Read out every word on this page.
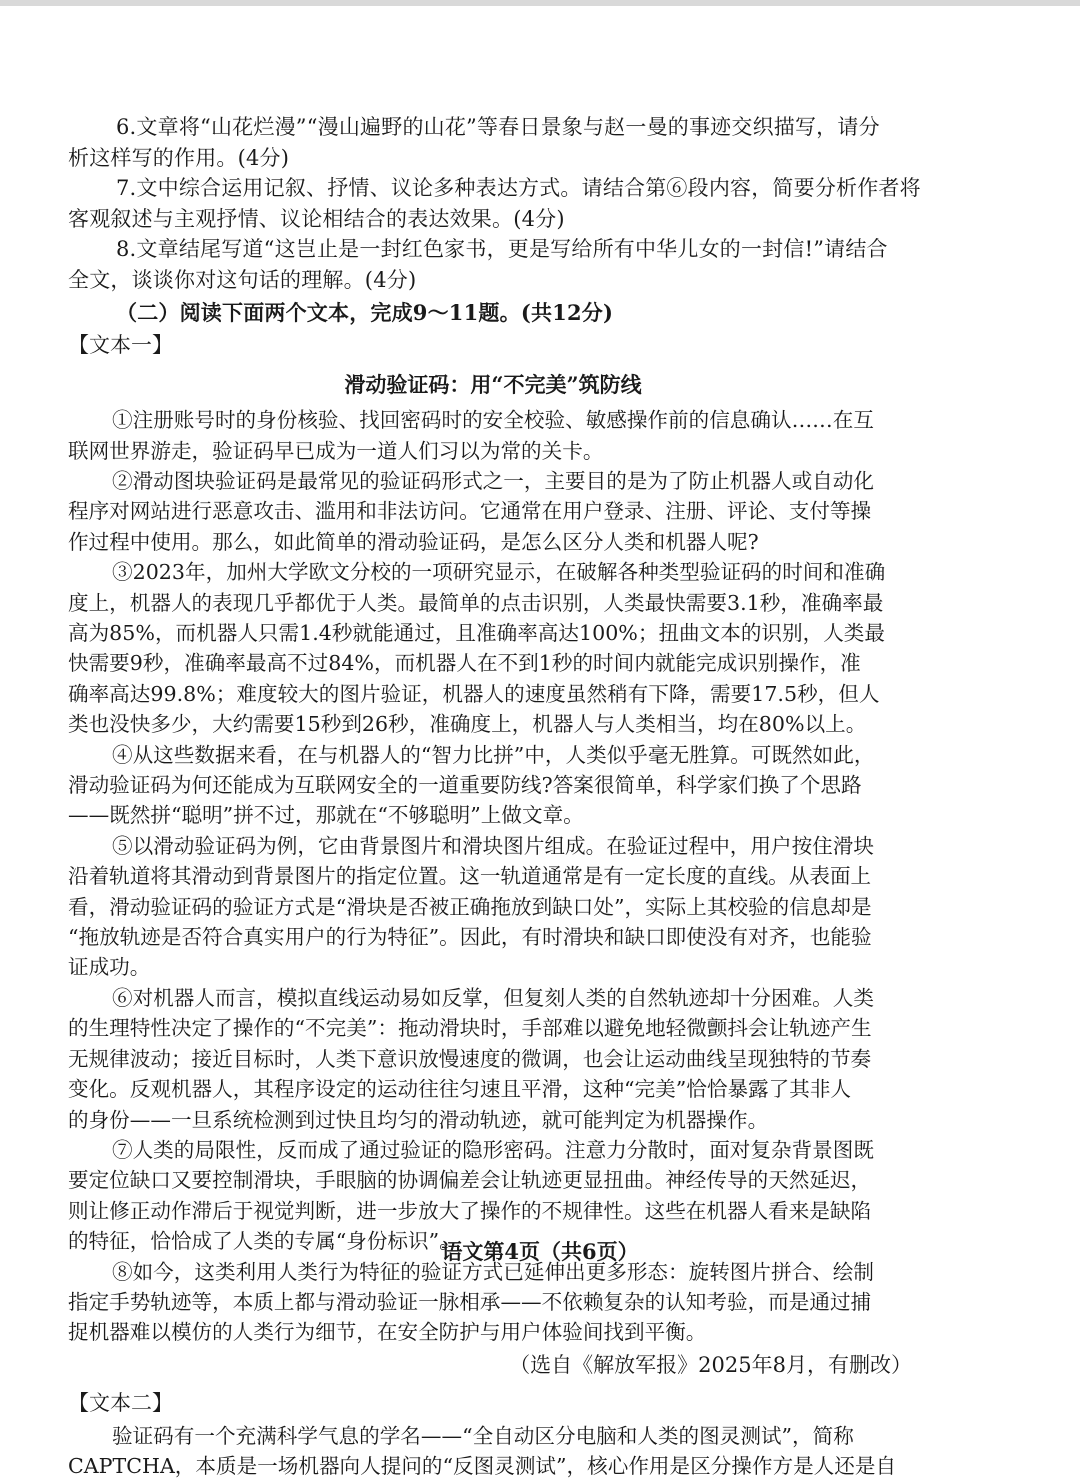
6.文章将“山花烂漫”“漫山遍野的山花”等春日景象与赵一曼的事迹交织描写，请分
析这样写的作用。(4分)
7.文中综合运用记叙、抒情、议论多种表达方式。请结合第⑥段内容，简要分析作者将
客观叙述与主观抒情、议论相结合的表达效果。(4分)
8.文章结尾写道“这岂止是一封红色家书，更是写给所有中华儿女的一封信!”请结合
全文，谈谈你对这句话的理解。(4分)
（二）阅读下面两个文本，完成9～11题。(共12分)
【文本一】
滑动验证码：用“不完美”筑防线

①注册账号时的身份核验、找回密码时的安全校验、敏感操作前的信息确认……在互

联网世界游走，验证码早已成为一道人们习以为常的关卡。

②滑动图块验证码是最常见的验证码形式之一，主要目的是为了防止机器人或自动化

程序对网站进行恶意攻击、滥用和非法访问。它通常在用户登录、注册、评论、支付等操

作过程中使用。那么，如此简单的滑动验证码，是怎么区分人类和机器人呢?

③2023年，加州大学欧文分校的一项研究显示，在破解各种类型验证码的时间和准确

度上，机器人的表现几乎都优于人类。最简单的点击识别，人类最快需要3.1秒，准确率最

高为85%，而机器人只需1.4秒就能通过，且准确率高达100%；扭曲文本的识别，人类最

快需要9秒，准确率最高不过84%，而机器人在不到1秒的时间内就能完成识别操作，准

确率高达99.8%；难度较大的图片验证，机器人的速度虽然稍有下降，需要17.5秒，但人

类也没快多少，大约需要15秒到26秒，准确度上，机器人与人类相当，均在80%以上。

④从这些数据来看，在与机器人的“智力比拼”中，人类似乎毫无胜算。可既然如此，

滑动验证码为何还能成为互联网安全的一道重要防线?答案很简单，科学家们换了个思路

——既然拼“聪明”拼不过，那就在“不够聪明”上做文章。

⑤以滑动验证码为例，它由背景图片和滑块图片组成。在验证过程中，用户按住滑块

沿着轨道将其滑动到背景图片的指定位置。这一轨道通常是有一定长度的直线。从表面上

看，滑动验证码的验证方式是“滑块是否被正确拖放到缺口处”，实际上其校验的信息却是

“拖放轨迹是否符合真实用户的行为特征”。因此，有时滑块和缺口即使没有对齐，也能验

证成功。

⑥对机器人而言，模拟直线运动易如反掌，但复刻人类的自然轨迹却十分困难。人类

的生理特性决定了操作的“不完美”：拖动滑块时，手部难以避免地轻微颤抖会让轨迹产生

无规律波动；接近目标时，人类下意识放慢速度的微调，也会让运动曲线呈现独特的节奏

变化。反观机器人，其程序设定的运动往往匀速且平滑，这种“完美”恰恰暴露了其非人

的身份——一旦系统检测到过快且均匀的滑动轨迹，就可能判定为机器操作。

⑦人类的局限性，反而成了通过验证的隐形密码。注意力分散时，面对复杂背景图既

要定位缺口又要控制滑块，手眼脑的协调偏差会让轨迹更显扭曲。神经传导的天然延迟，

则让修正动作滞后于视觉判断，进一步放大了操作的不规律性。这些在机器人看来是缺陷

的特征，恰恰成了人类的专属“身份标识”。

⑧如今，这类利用人类行为特征的验证方式已延伸出更多形态：旋转图片拼合、绘制

指定手势轨迹等，本质上都与滑动验证一脉相承——不依赖复杂的认知考验，而是通过捕

捉机器难以模仿的人类行为细节，在安全防护与用户体验间找到平衡。

（选自《解放军报》2025年8月，有删改）
【文本二】

验证码有一个充满科学气息的学名——“全自动区分电脑和人类的图灵测试”，简称

CAPTCHA，本质是一场机器向人提问的“反图灵测试”，核心作用是区分操作方是人还是自

语文第4页（共6页）
